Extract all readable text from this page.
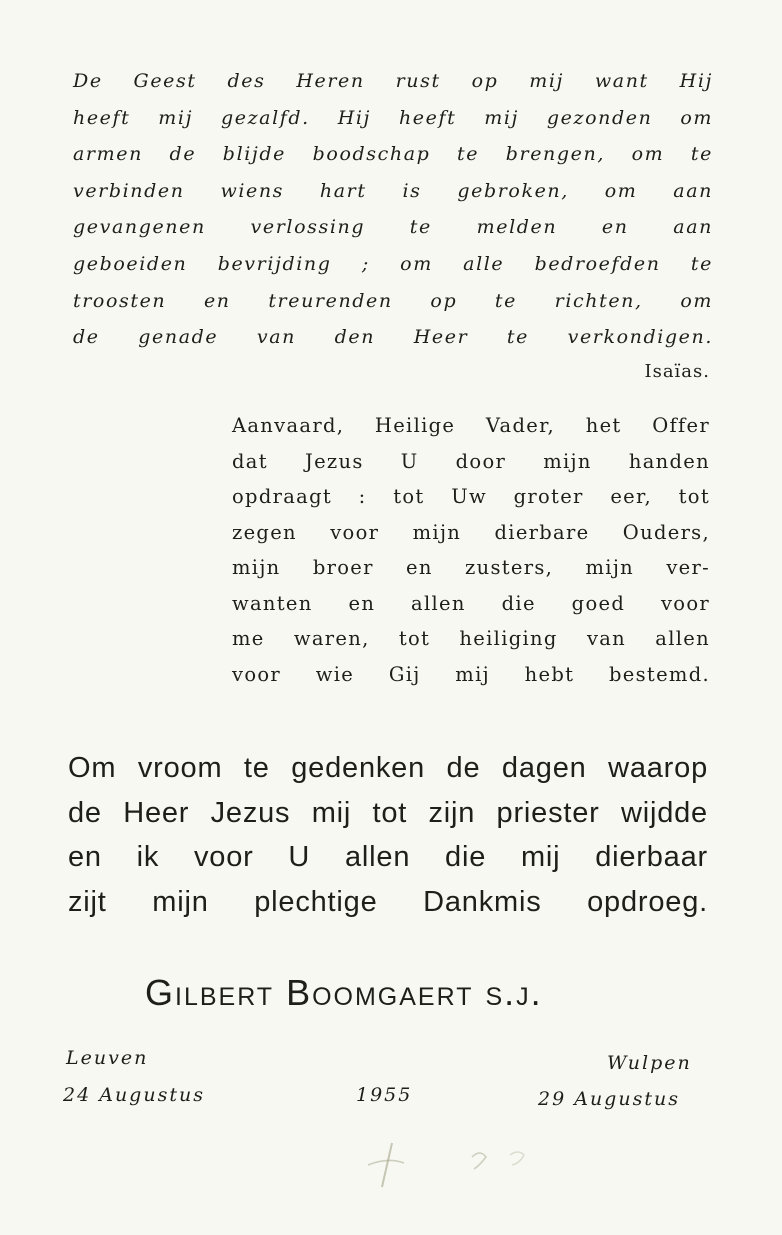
De Geest des Heren rust op mij want Hij
heeft mij gezalfd. Hij heeft mij gezonden om
armen de blijde boodschap te brengen, om te
verbinden wiens hart is gebroken, om aan
gevangenen verlossing te melden en aan
geboeiden bevrijding ; om alle bedroefden te
troosten en treurenden op te richten, om
de genade van den Heer te verkondigen.
Isaïas.
Aanvaard, Heilige Vader, het Offer
dat Jezus U door mijn handen
opdraagt : tot Uw groter eer, tot
zegen voor mijn dierbare Ouders,
mijn broer en zusters, mijn ver-
wanten en allen die goed voor
me waren, tot heiliging van allen
voor wie Gij mij hebt bestemd.
Om vroom te gedenken de dagen waarop
de Heer Jezus mij tot zijn priester wijdde
en ik voor U allen die mij dierbaar
zijt mijn plechtige Dankmis opdroeg.
Gilbert Boomgaert s.j.
Leuven	Wulpen
24 Augustus	1955	29 Augustus
